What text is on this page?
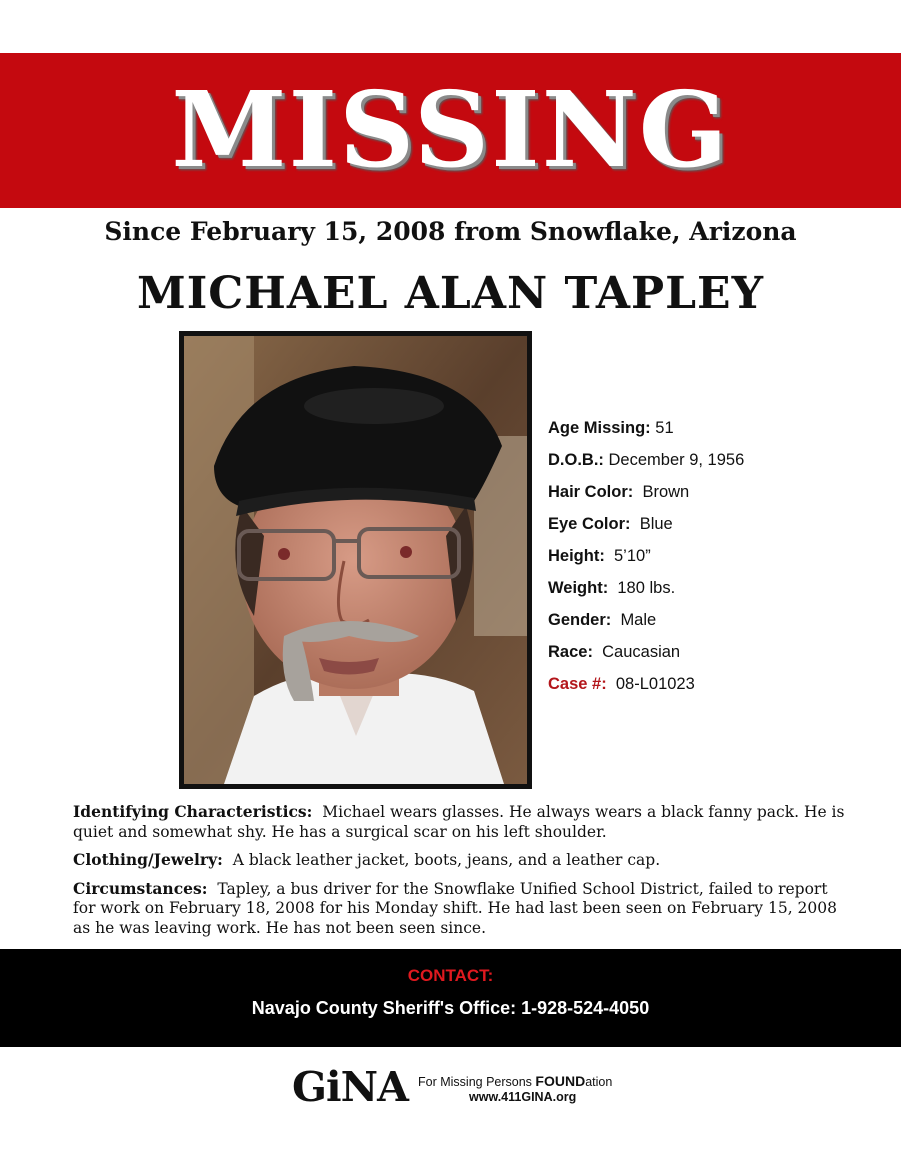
MISSING
Since February 15, 2008 from Snowflake, Arizona
MICHAEL ALAN TAPLEY
Age Missing: 51
D.O.B.: December 9, 1956
Hair Color: Brown
Eye Color: Blue
Height: 5’10”
Weight: 180 lbs.
Gender: Male
Race: Caucasian
Case #: 08-L01023

Identifying Characteristics: Michael wears glasses. He always wears a black fanny pack. He is quiet and somewhat shy. He has a surgical scar on his left shoulder.

Clothing/Jewelry: A black leather jacket, boots, jeans, and a leather cap.

Circumstances: Tapley, a bus driver for the Snowflake Unified School District, failed to report for work on February 18, 2008 for his Monday shift. He had last been seen on February 15, 2008 as he was leaving work. He has not been seen since.

CONTACT:
Navajo County Sheriff's Office: 1-928-524-4050
GiNA For Missing Persons FOUNDation
www.411GINA.org
